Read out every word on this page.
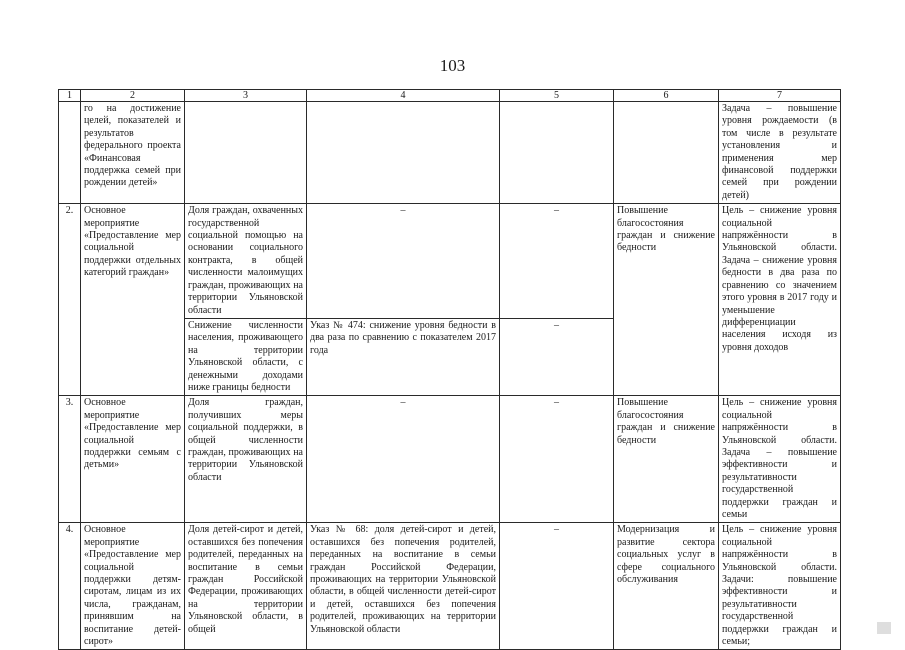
103
1	2	3	4	5	6	7
	го на достижение целей, показателей и результатов федерального проекта «Финансовая поддержка семей при рождении детей»					Задача – повышение уровня рождаемости (в том числе в результате установления и применения мер финансовой поддержки семей при рождении детей)
2.	Основное мероприятие «Предоставление мер социальной поддержки отдельных категорий граждан»	Доля граждан, охваченных государственной социальной помощью на основании социального контракта, в общей численности малоимущих граждан, проживающих на территории Ульяновской области	–	–	Повышение благосостояния граждан и снижение бедности	Цель – снижение уровня социальной напряжённости в Ульяновской области. Задача – снижение уровня бедности в два раза по сравнению со значением этого уровня в 2017 году и уменьшение дифференциации населения исходя из уровня доходов
		Снижение численности населения, проживающего на территории Ульяновской области, с денежными доходами ниже границы бедности	Указ № 474: снижение уровня бедности в два раза по сравнению с показателем 2017 года	–		
3.	Основное мероприятие «Предоставление мер социальной поддержки семьям с детьми»	Доля граждан, получивших меры социальной поддержки, в общей численности граждан, проживающих на территории Ульяновской области	–	–	Повышение благосостояния граждан и снижение бедности	Цель – снижение уровня социальной напряжённости в Ульяновской области. Задача – повышение эффективности и результативности государственной поддержки граждан и семьи
4.	Основное мероприятие «Предоставление мер социальной поддержки детям-сиротам, лицам из их числа, гражданам, принявшим на воспитание детей-сирот»	Доля детей-сирот и детей, оставшихся без попечения родителей, переданных на воспитание в семьи граждан Российской Федерации, проживающих на территории Ульяновской области, в общей	Указ № 68: доля детей-сирот и детей, оставшихся без попечения родителей, переданных на воспитание в семьи граждан Российской Федерации, проживающих на территории Ульяновской области, в общей численности детей-сирот и детей, оставшихся без попечения родителей, проживающих на территории Ульяновской области	–	Модернизация и развитие сектора социальных услуг в сфере социального обслуживания	Цель – снижение уровня социальной напряжённости в Ульяновской области. Задачи: повышение эффективности и результативности государственной поддержки граждан и семьи;
